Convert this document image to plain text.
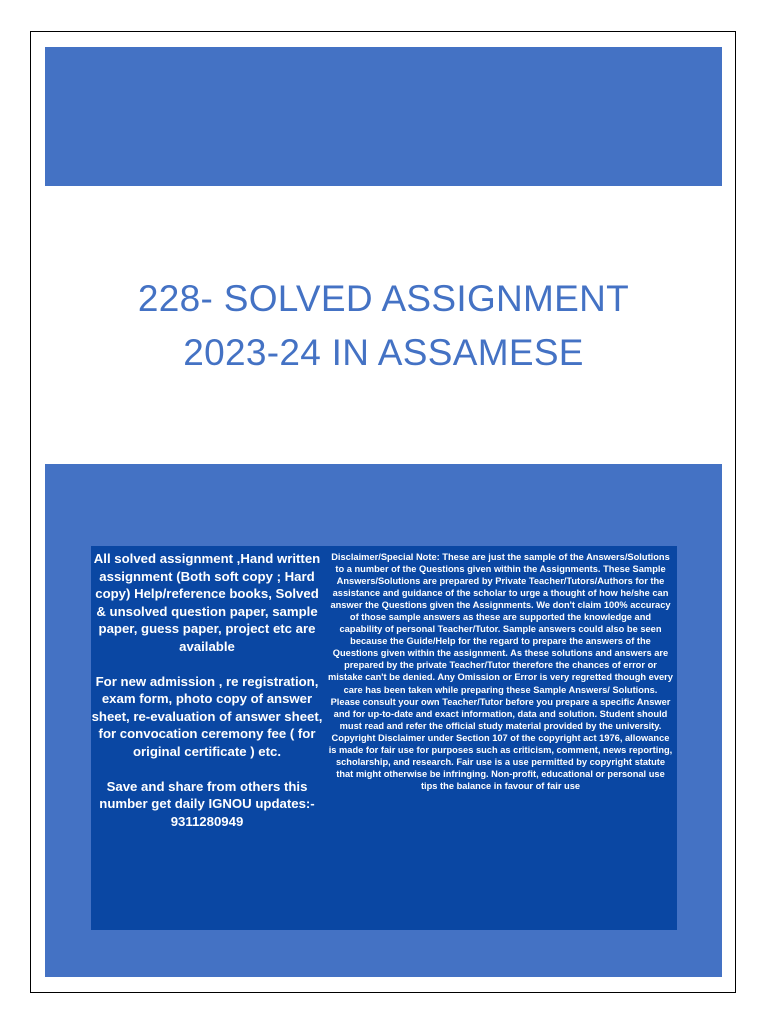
228- SOLVED ASSIGNMENT
2023-24 IN ASSAMESE

All solved assignment ,Hand written assignment (Both soft copy ; Hard copy) Help/reference books, Solved & unsolved question paper, sample paper, guess paper, project etc are available

For new admission , re registration, exam form, photo copy of answer sheet, re-evaluation of answer sheet, for convocation ceremony fee ( for original certificate ) etc.

Save and share from others this number get daily IGNOU updates:- 9311280949

Disclaimer/Special Note: These are just the sample of the Answers/Solutions to a number of the Questions given within the Assignments. These Sample Answers/Solutions are prepared by Private Teacher/Tutors/Authors for the assistance and guidance of the scholar to urge a thought of how he/she can answer the Questions given the Assignments. We don't claim 100% accuracy of those sample answers as these are supported the knowledge and capability of personal Teacher/Tutor. Sample answers could also be seen because the Guide/Help for the regard to prepare the answers of the Questions given within the assignment. As these solutions and answers are prepared by the private Teacher/Tutor therefore the chances of error or mistake can't be denied. Any Omission or Error is very regretted though every care has been taken while preparing these Sample Answers/ Solutions. Please consult your own Teacher/Tutor before you prepare a specific Answer and for up-to-date and exact information, data and solution. Student should must read and refer the official study material provided by the university.

Copyright Disclaimer under Section 107 of the copyright act 1976, allowance is made for fair use for purposes such as criticism, comment, news reporting, scholarship, and research. Fair use is a use permitted by copyright statute that might otherwise be infringing. Non-profit, educational or personal use tips the balance in favour of fair use
